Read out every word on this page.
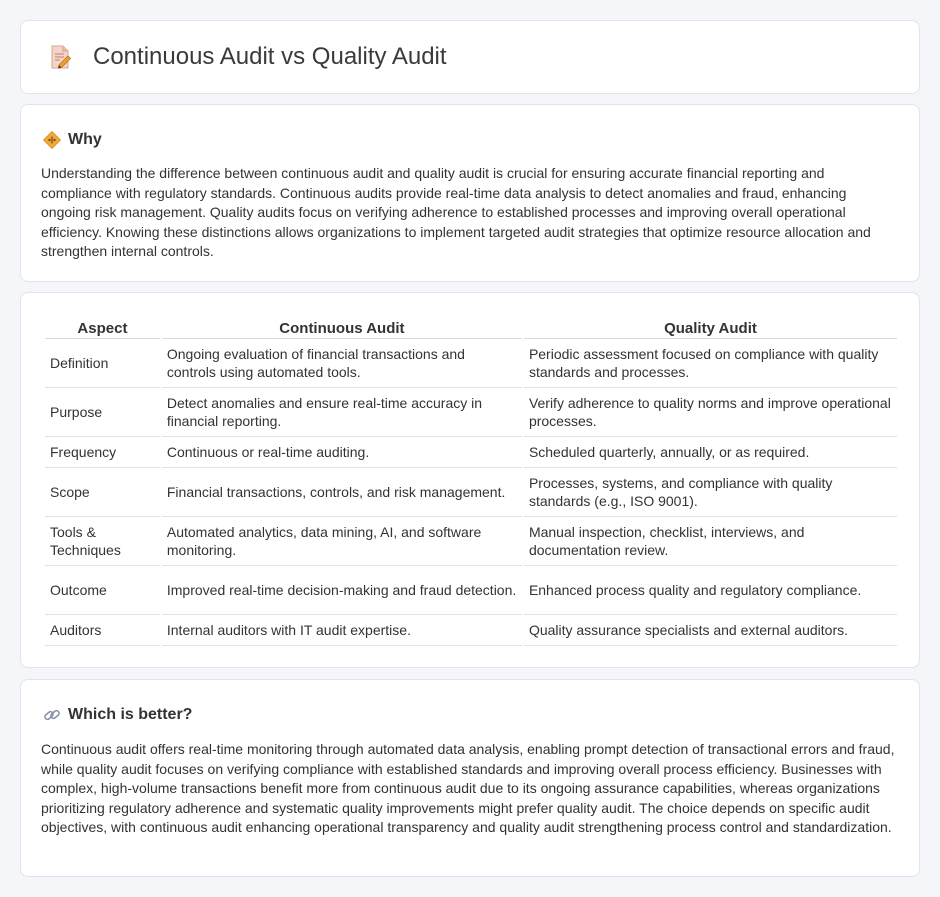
Continuous Audit vs Quality Audit
Why

Understanding the difference between continuous audit and quality audit is crucial for ensuring accurate financial reporting and compliance with regulatory standards. Continuous audits provide real-time data analysis to detect anomalies and fraud, enhancing ongoing risk management. Quality audits focus on verifying adherence to established processes and improving overall operational efficiency. Knowing these distinctions allows organizations to implement targeted audit strategies that optimize resource allocation and strengthen internal controls.

Aspect	Continuous Audit	Quality Audit
Definition	Ongoing evaluation of financial transactions and controls using automated tools.	Periodic assessment focused on compliance with quality standards and processes.
Purpose	Detect anomalies and ensure real-time accuracy in financial reporting.	Verify adherence to quality norms and improve operational processes.
Frequency	Continuous or real-time auditing.	Scheduled quarterly, annually, or as required.
Scope	Financial transactions, controls, and risk management.	Processes, systems, and compliance with quality standards (e.g., ISO 9001).
Tools & Techniques	Automated analytics, data mining, AI, and software monitoring.	Manual inspection, checklist, interviews, and documentation review.
Outcome	Improved real-time decision-making and fraud detection.	Enhanced process quality and regulatory compliance.
Auditors	Internal auditors with IT audit expertise.	Quality assurance specialists and external auditors.
Which is better?

Continuous audit offers real-time monitoring through automated data analysis, enabling prompt detection of transactional errors and fraud, while quality audit focuses on verifying compliance with established standards and improving overall process efficiency. Businesses with complex, high-volume transactions benefit more from continuous audit due to its ongoing assurance capabilities, whereas organizations prioritizing regulatory adherence and systematic quality improvements might prefer quality audit. The choice depends on specific audit objectives, with continuous audit enhancing operational transparency and quality audit strengthening process control and standardization.
